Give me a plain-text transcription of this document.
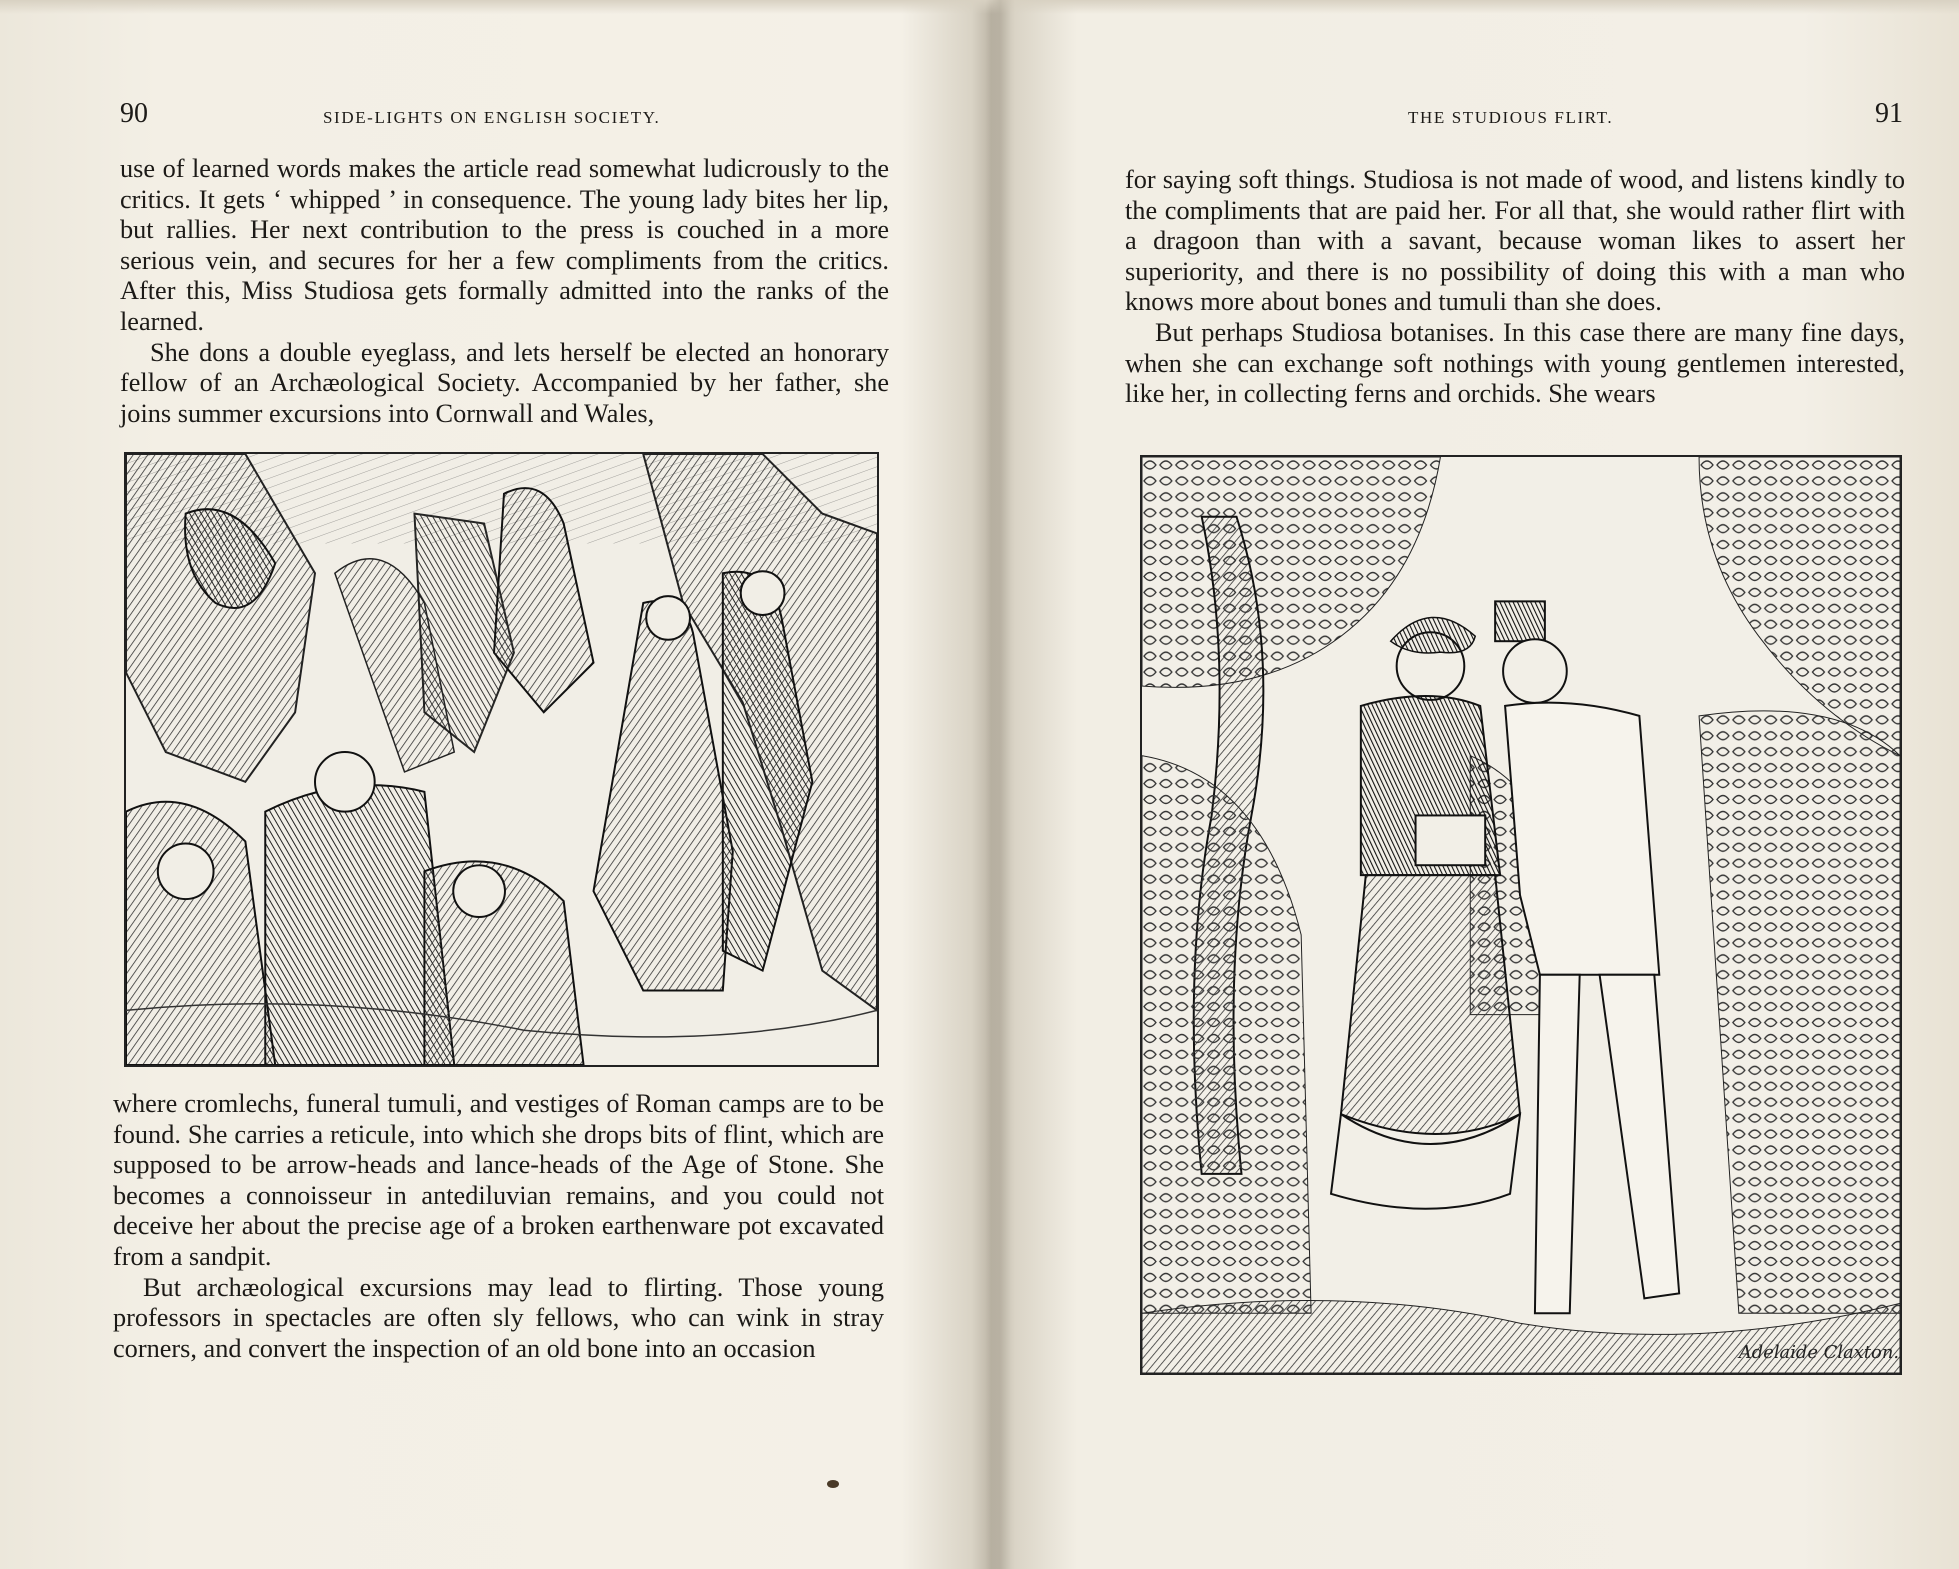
90	SIDE-LIGHTS ON ENGLISH SOCIETY.

use of learned words makes the article read somewhat ludicrously to the critics. It gets ‘ whipped ’ in consequence. The young lady bites her lip, but rallies. Her next contribution to the press is couched in a more serious vein, and secures for her a few compliments from the critics. After this, Miss Studiosa gets formally admitted into the ranks of the learned.

She dons a double eyeglass, and lets herself be elected an honorary fellow of an Archæological Society. Accompanied by her father, she joins summer excursions into Cornwall and Wales,

where cromlechs, funeral tumuli, and vestiges of Roman camps are to be found. She carries a reticule, into which she drops bits of flint, which are supposed to be arrow-heads and lance-heads of the Age of Stone. She becomes a connoisseur in antediluvian remains, and you could not deceive her about the precise age of a broken earthenware pot excavated from a sandpit.

But archæological excursions may lead to flirting. Those young professors in spectacles are often sly fellows, who can wink in stray corners, and convert the inspection of an old bone into an occasion

THE STUDIOUS FLIRT.	91

for saying soft things. Studiosa is not made of wood, and listens kindly to the compliments that are paid her. For all that, she would rather flirt with a dragoon than with a savant, because woman likes to assert her superiority, and there is no possibility of doing this with a man who knows more about bones and tumuli than she does.

But perhaps Studiosa botanises. In this case there are many fine days, when she can exchange soft nothings with young gentlemen interested, like her, in collecting ferns and orchids. She wears

Adelaide Claxton.
